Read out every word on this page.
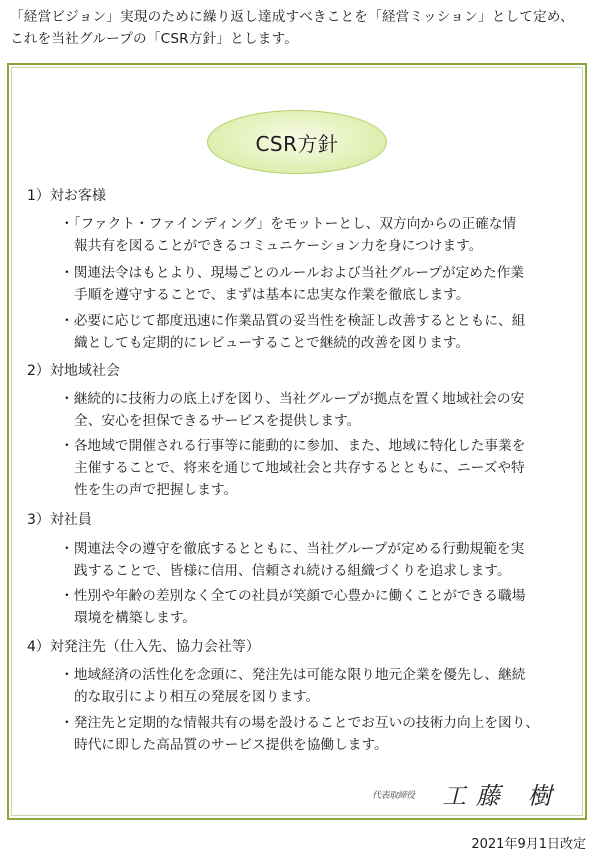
「経営ビジョン」実現のために繰り返し達成すべきことを「経営ミッション」として定め、

これを当社グループの「CSR方針」とします。

CSR方針
1）対お客様
・「ファクト・ファインディング」をモットーとし、双方向からの正確な情
報共有を図ることができるコミュニケーション力を身につけます。
・関連法令はもとより、現場ごとのルールおよび当社グループが定めた作業
手順を遵守することで、まずは基本に忠実な作業を徹底します。
・必要に応じて都度迅速に作業品質の妥当性を検証し改善するとともに、組
織としても定期的にレビューすることで継続的改善を図ります。
2）対地域社会
・継続的に技術力の底上げを図り、当社グループが拠点を置く地域社会の安
全、安心を担保できるサービスを提供します。
・各地域で開催される行事等に能動的に参加、また、地域に特化した事業を
主催することで、将来を通じて地域社会と共存するとともに、ニーズや特
性を生の声で把握します。
3）対社員
・関連法令の遵守を徹底するとともに、当社グループが定める行動規範を実
践することで、皆様に信用、信頼され続ける組織づくりを追求します。
・性別や年齢の差別なく全ての社員が笑顔で心豊かに働くことができる職場
環境を構築します。
4）対発注先（仕入先、協力会社等）
・地域経済の活性化を念頭に、発注先は可能な限り地元企業を優先し、継続
的な取引により相互の発展を図ります。
・発注先と定期的な情報共有の場を設けることでお互いの技術力向上を図り、
時代に即した高品質のサービス提供を協働します。
代表取締役 工藤 樹
2021年9月1日改定
